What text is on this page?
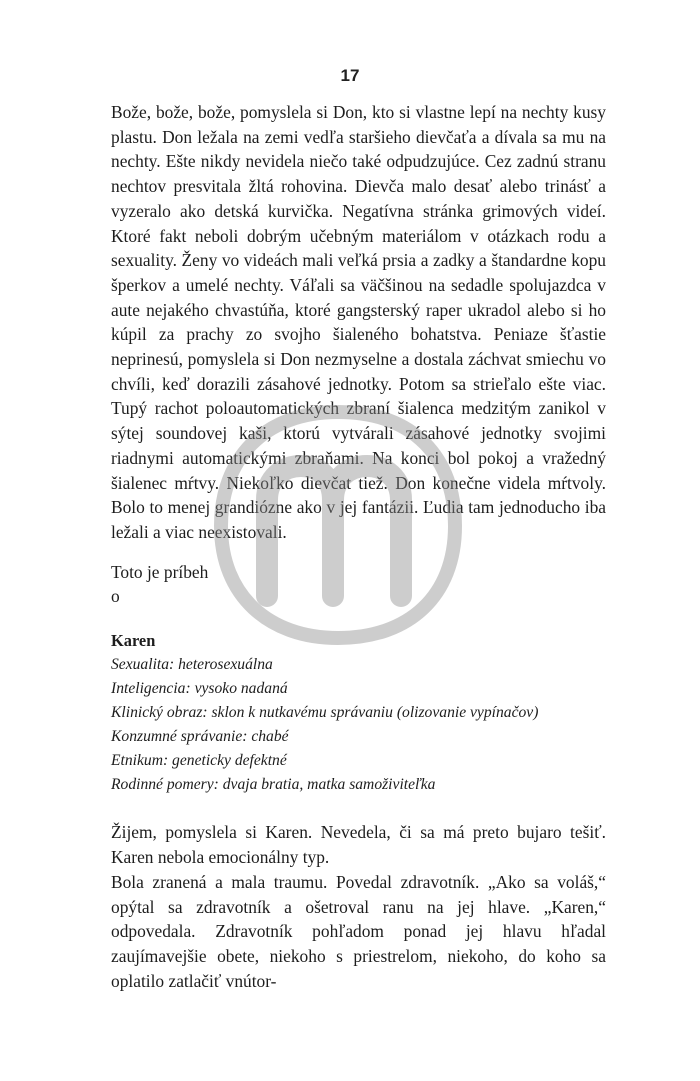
17

Bože, bože, bože, pomyslela si Don, kto si vlastne lepí na nechty kusy plastu. Don ležala na zemi vedľa staršieho dievčaťa a dívala sa mu na nechty. Ešte nikdy nevidela niečo také odpudzujúce. Cez zadnú stranu nechtov presvitala žltá rohovina. Dievča malo desať alebo trinásť a vyzeralo ako detská kurvička. Negatívna stránka grimových videí. Ktoré fakt neboli dobrým učebným materiálom v otázkach rodu a sexuality. Ženy vo videách mali veľká prsia a zadky a štandardne kopu šperkov a umelé nechty. Váľali sa väčšinou na sedadle spolujazdca v aute nejakého chvastúňa, ktoré gangsterský raper ukradol alebo si ho kúpil za prachy zo svojho šialeného bohatstva. Peniaze šťastie neprinesú, pomyslela si Don nezmyselne a dostala záchvat smiechu vo chvíli, keď dorazili zásahové jednotky. Potom sa strieľalo ešte viac. Tupý rachot poloautomatických zbraní šialenca medzitým zanikol v sýtej soundovej kaši, ktorú vytvárali zásahové jednotky svojimi riadnymi automatickými zbraňami. Na konci bol pokoj a vražedný šialenec mŕtvy. Niekoľko dievčat tiež. Don konečne videla mŕtvoly. Bolo to menej grandiózne ako v jej fantázii. Ľudia tam jednoducho iba ležali a viac neexistovali.

Toto je príbeh
o
Karen
Sexualita: heterosexuálna
Inteligencia: vysoko nadaná
Klinický obraz: sklon k nutkavému správaniu (olizovanie vypínačov)
Konzumné správanie: chabé
Etnikum: geneticky defektné
Rodinné pomery: dvaja bratia, matka samoživiteľka

Žijem, pomyslela si Karen. Nevedela, či sa má preto bujaro tešiť. Karen nebola emocionálny typ.

Bola zranená a mala traumu. Povedal zdravotník. „Ako sa voláš,“ opýtal sa zdravotník a ošetroval ranu na jej hlave. „Karen,“ odpovedala. Zdravotník pohľadom ponad jej hlavu hľadal zaujímavejšie obete, niekoho s priestrelom, niekoho, do koho sa oplatilo zatlačiť vnútor-
